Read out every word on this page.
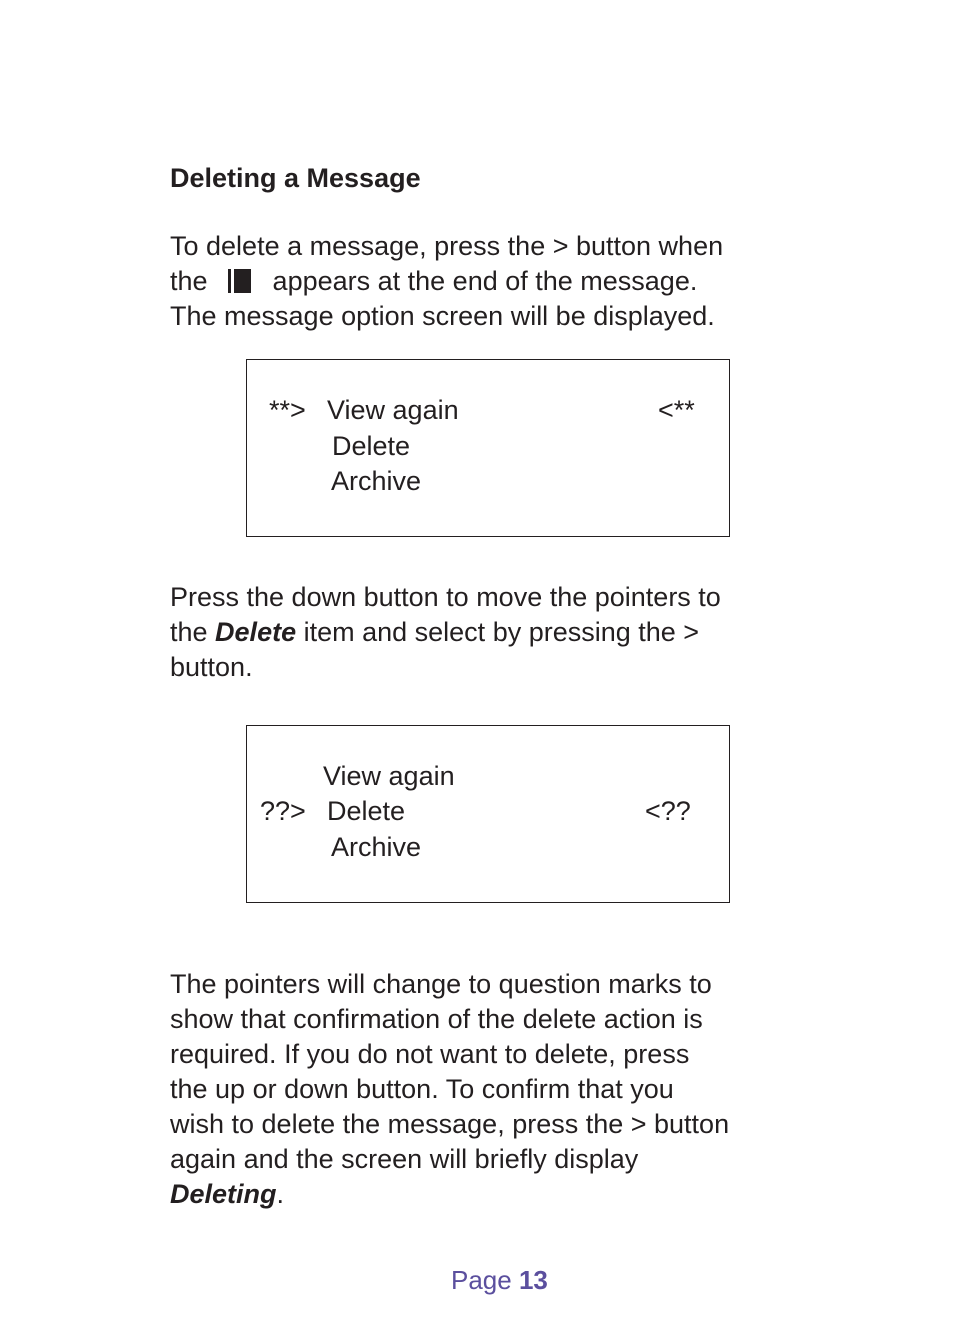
Deleting a Message
To delete a message, press the > button when
the appears at the end of the message.
The message option screen will be displayed.
**> View again	<**
Delete
Archive
Press the down button to move the pointers to
the Delete item and select by pressing the >
button.
View again
??> Delete	<??
Archive
The pointers will change to question marks to
show that confirmation of the delete action is
required. If you do not want to delete, press
the up or down button. To confirm that you
wish to delete the message, press the > button
again and the screen will briefly display
Deleting.
Page 13
